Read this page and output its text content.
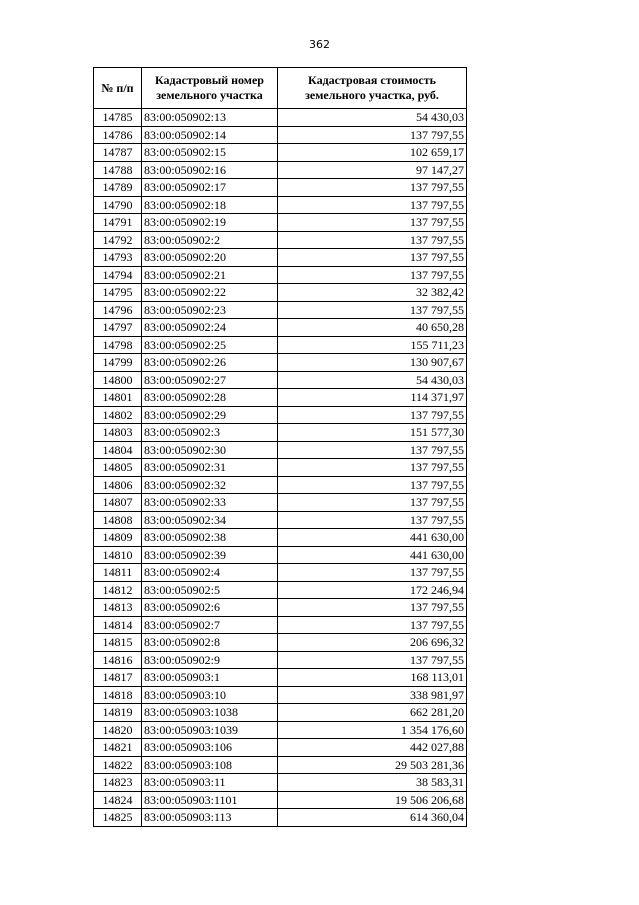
362
№ п/п	Кадастровый номер земельного участка	Кадастровая стоимость земельного участка, руб.
14785	83:00:050902:13	54 430,03
14786	83:00:050902:14	137 797,55
14787	83:00:050902:15	102 659,17
14788	83:00:050902:16	97 147,27
14789	83:00:050902:17	137 797,55
14790	83:00:050902:18	137 797,55
14791	83:00:050902:19	137 797,55
14792	83:00:050902:2	137 797,55
14793	83:00:050902:20	137 797,55
14794	83:00:050902:21	137 797,55
14795	83:00:050902:22	32 382,42
14796	83:00:050902:23	137 797,55
14797	83:00:050902:24	40 650,28
14798	83:00:050902:25	155 711,23
14799	83:00:050902:26	130 907,67
14800	83:00:050902:27	54 430,03
14801	83:00:050902:28	114 371,97
14802	83:00:050902:29	137 797,55
14803	83:00:050902:3	151 577,30
14804	83:00:050902:30	137 797,55
14805	83:00:050902:31	137 797,55
14806	83:00:050902:32	137 797,55
14807	83:00:050902:33	137 797,55
14808	83:00:050902:34	137 797,55
14809	83:00:050902:38	441 630,00
14810	83:00:050902:39	441 630,00
14811	83:00:050902:4	137 797,55
14812	83:00:050902:5	172 246,94
14813	83:00:050902:6	137 797,55
14814	83:00:050902:7	137 797,55
14815	83:00:050902:8	206 696,32
14816	83:00:050902:9	137 797,55
14817	83:00:050903:1	168 113,01
14818	83:00:050903:10	338 981,97
14819	83:00:050903:1038	662 281,20
14820	83:00:050903:1039	1 354 176,60
14821	83:00:050903:106	442 027,88
14822	83:00:050903:108	29 503 281,36
14823	83:00:050903:11	38 583,31
14824	83:00:050903:1101	19 506 206,68
14825	83:00:050903:113	614 360,04
